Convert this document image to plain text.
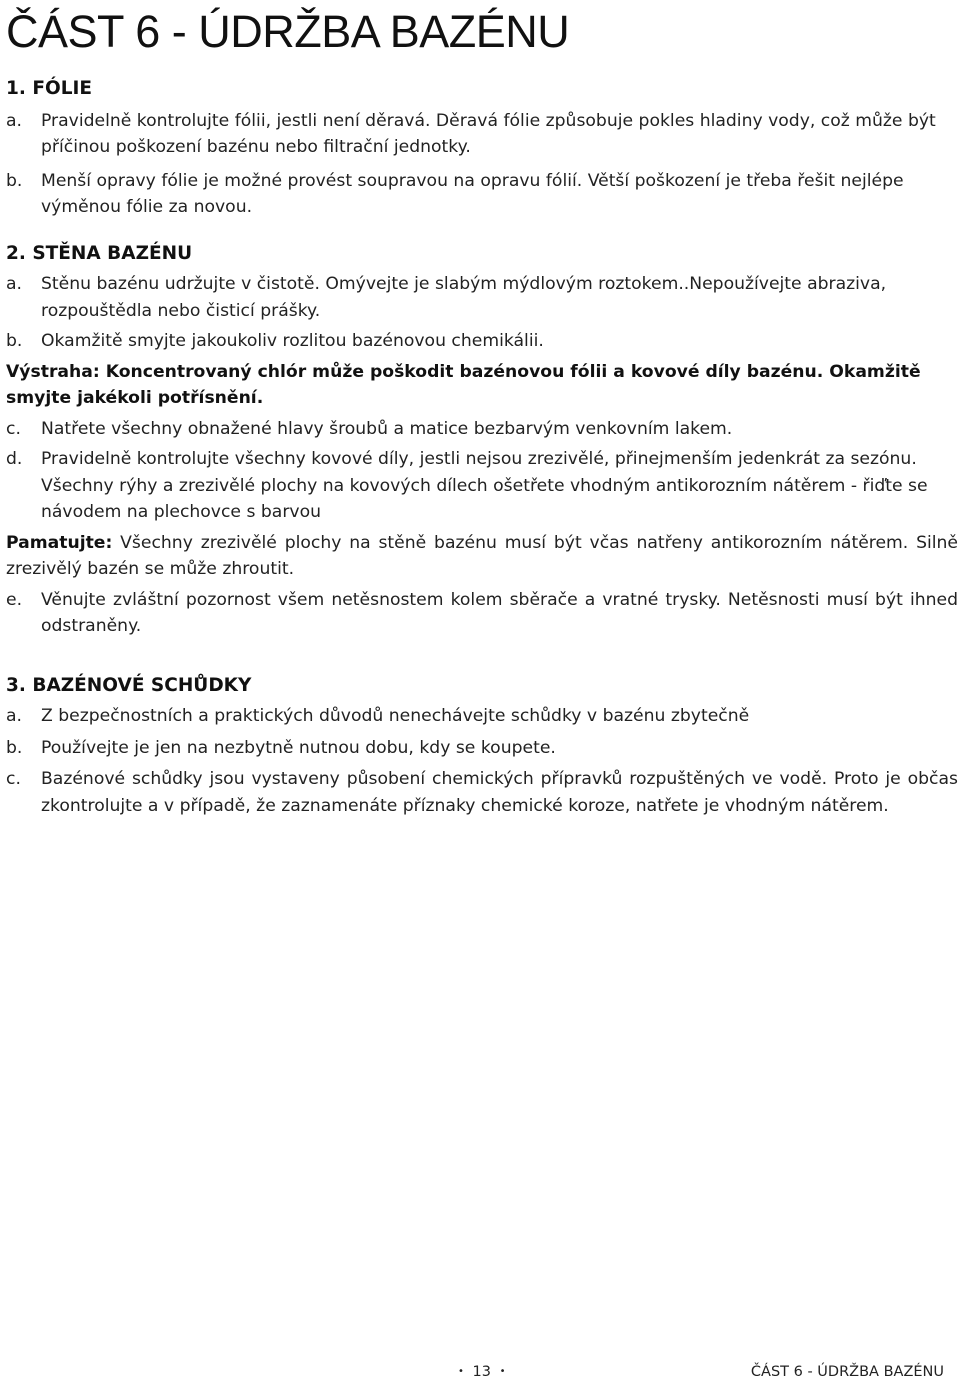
ČÁST 6 - ÚDRŽBA BAZÉNU
1. FÓLIE
a.	Pravidelně kontrolujte fólii, jestli není děravá. Děravá fólie způsobuje pokles hladiny vody, což může být příčinou poškození bazénu nebo filtrační jednotky.
b.	Menší opravy fólie je možné provést soupravou na opravu fólií. Větší poškození je třeba řešit nejlépe výměnou fólie za novou.
2. STĚNA BAZÉNU
a.	Stěnu bazénu udržujte v čistotě. Omývejte je slabým mýdlovým roztokem..Nepoužívejte abraziva, rozpouštědla nebo čisticí prášky.
b.	Okamžitě smyjte jakoukoliv rozlitou bazénovou chemikálii.
Výstraha: Koncentrovaný chlór může poškodit bazénovou fólii a kovové díly bazénu. Okamžitě smyjte jakékoli potřísnění.
c.	Natřete všechny obnažené hlavy šroubů a matice bezbarvým venkovním lakem.
d.	Pravidelně kontrolujte všechny kovové díly, jestli nejsou zrezivělé, přinejmenším jedenkrát za sezónu. Všechny rýhy a zrezivělé plochy na kovových dílech ošetřete vhodným antikorozním nátěrem - řiďte se návodem na plechovce s barvou
Pamatujte: Všechny zrezivělé plochy na stěně bazénu musí být včas natřeny antikorozním nátěrem. Silně zrezivělý bazén se může zhroutit.
e.	Věnujte zvláštní pozornost všem netěsnostem kolem sběrače a vratné trysky. Netěsnosti musí být ihned odstraněny.
3. BAZÉNOVÉ SCHŮDKY
a.	Z bezpečnostních a praktických důvodů nenechávejte schůdky v bazénu zbytečně
b.	Používejte je jen na nezbytně nutnou dobu, kdy se koupete.
c.	Bazénové schůdky jsou vystaveny působení chemických přípravků rozpuštěných ve vodě. Proto je občas zkontrolujte a v případě, že zaznamenáte příznaky chemické koroze, natřete je vhodným nátěrem.
• 13 •	ČÁST 6 - ÚDRŽBA BAZÉNU
